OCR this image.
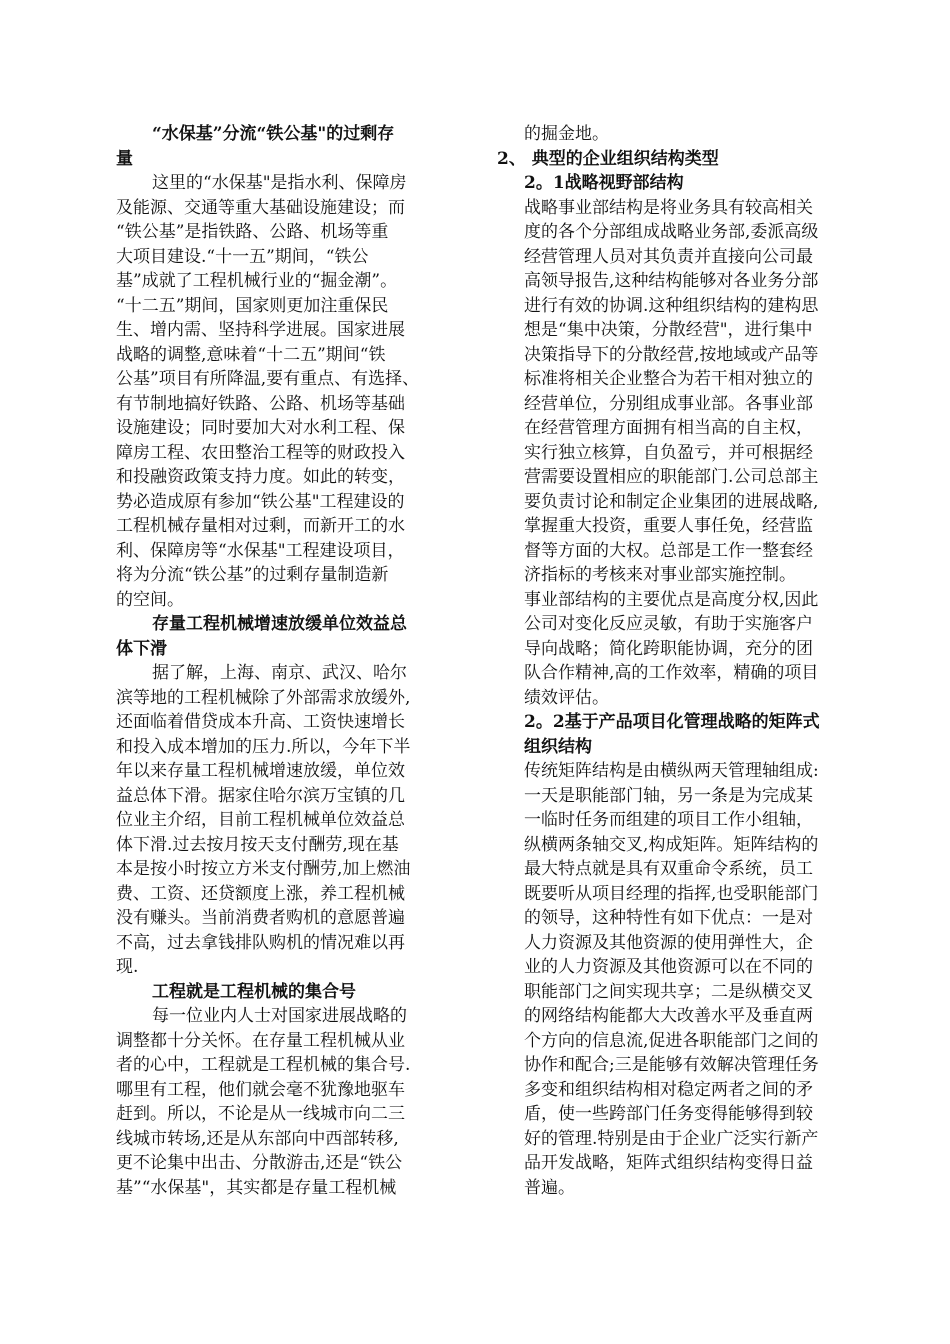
“水保基”分流“铁公基"的过剩存
量
这里的“水保基"是指水利、保障房
及能源、交通等重大基础设施建设；而
“铁公基”是指铁路、公路、机场等重
大项目建设.“十一五”期间，“铁公
基”成就了工程机械行业的“掘金潮”。
“十二五”期间，国家则更加注重保民
生、增内需、坚持科学进展。国家进展
战略的调整,意味着“十二五”期间“铁
公基”项目有所降温,要有重点、有选择、
有节制地搞好铁路、公路、机场等基础
设施建设；同时要加大对水利工程、保
障房工程、农田整治工程等的财政投入
和投融资政策支持力度。如此的转变，
势必造成原有参加“铁公基"工程建设的
工程机械存量相对过剩，而新开工的水
利、保障房等“水保基"工程建设项目，
将为分流“铁公基”的过剩存量制造新
的空间。
存量工程机械增速放缓单位效益总
体下滑
据了解，上海、南京、武汉、哈尔
滨等地的工程机械除了外部需求放缓外,
还面临着借贷成本升高、工资快速增长
和投入成本增加的压力.所以，今年下半
年以来存量工程机械增速放缓，单位效
益总体下滑。据家住哈尔滨万宝镇的几
位业主介绍，目前工程机械单位效益总
体下滑.过去按月按天支付酬劳,现在基
本是按小时按立方米支付酬劳,加上燃油
费、工资、还贷额度上涨，养工程机械
没有赚头。当前消费者购机的意愿普遍
不高，过去拿钱排队购机的情况难以再
现.
工程就是工程机械的集合号
每一位业内人士对国家进展战略的
调整都十分关怀。在存量工程机械从业
者的心中，工程就是工程机械的集合号.
哪里有工程，他们就会毫不犹豫地驱车
赶到。所以，不论是从一线城市向二三
线城市转场,还是从东部向中西部转移,
更不论集中出击、分散游击,还是“铁公
基”“水保基"，其实都是存量工程机械
的掘金地。
2、 典型的企业组织结构类型
2。1战略视野部结构
战略事业部结构是将业务具有较高相关
度的各个分部组成战略业务部,委派高级
经营管理人员对其负责并直接向公司最
高领导报告,这种结构能够对各业务分部
进行有效的协调.这种组织结构的建构思
想是“集中决策，分散经营"，进行集中
决策指导下的分散经营,按地域或产品等
标准将相关企业整合为若干相对独立的
经营单位，分别组成事业部。各事业部
在经营管理方面拥有相当高的自主权，
实行独立核算，自负盈亏，并可根据经
营需要设置相应的职能部门.公司总部主
要负责讨论和制定企业集团的进展战略,
掌握重大投资，重要人事任免，经营监
督等方面的大权。总部是工作一整套经
济指标的考核来对事业部实施控制。
事业部结构的主要优点是高度分权,因此
公司对变化反应灵敏，有助于实施客户
导向战略；简化跨职能协调，充分的团
队合作精神,高的工作效率，精确的项目
绩效评估。
2。2基于产品项目化管理战略的矩阵式
组织结构
传统矩阵结构是由横纵两天管理轴组成:
一天是职能部门轴，另一条是为完成某
一临时任务而组建的项目工作小组轴，
纵横两条轴交叉,构成矩阵。矩阵结构的
最大特点就是具有双重命令系统，员工
既要听从项目经理的指挥,也受职能部门
的领导，这种特性有如下优点：一是对
人力资源及其他资源的使用弹性大，企
业的人力资源及其他资源可以在不同的
职能部门之间实现共享；二是纵横交叉
的网络结构能都大大改善水平及垂直两
个方向的信息流,促进各职能部门之间的
协作和配合;三是能够有效解决管理任务
多变和组织结构相对稳定两者之间的矛
盾，使一些跨部门任务变得能够得到较
好的管理.特别是由于企业广泛实行新产
品开发战略，矩阵式组织结构变得日益
普遍。
